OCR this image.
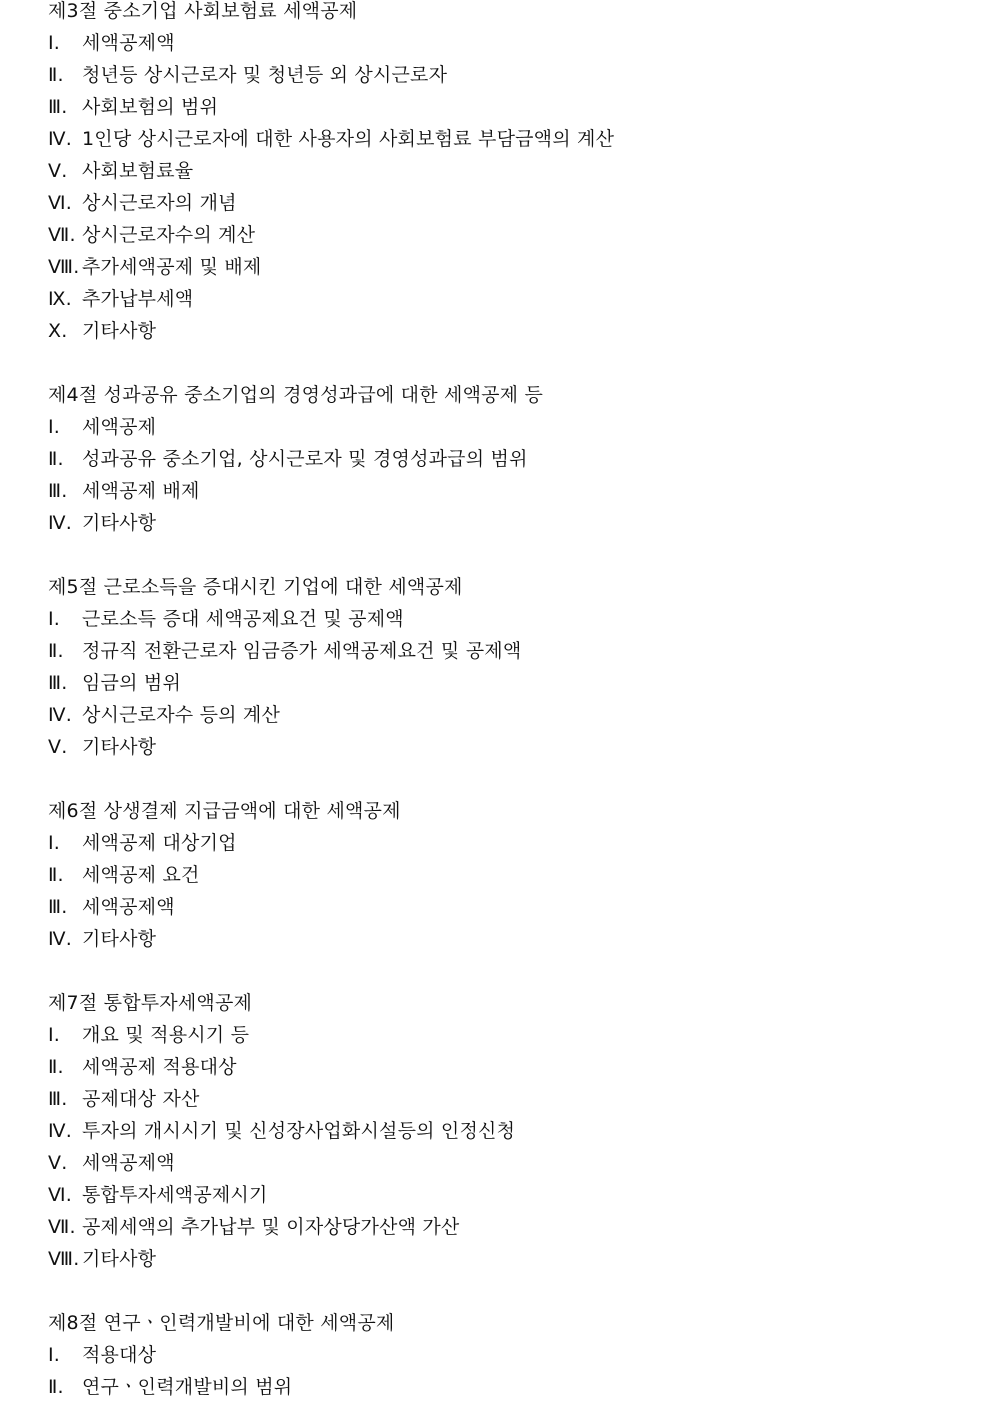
제3절 중소기업 사회보험료 세액공제
Ⅰ. 세액공제액
Ⅱ. 청년등 상시근로자 및 청년등 외 상시근로자
Ⅲ. 사회보험의 범위
Ⅳ. 1인당 상시근로자에 대한 사용자의 사회보험료 부담금액의 계산
Ⅴ. 사회보험료율
Ⅵ. 상시근로자의 개념
Ⅶ. 상시근로자수의 계산
Ⅷ. 추가세액공제 및 배제
Ⅸ. 추가납부세액
Ⅹ. 기타사항
제4절 성과공유 중소기업의 경영성과급에 대한 세액공제 등
Ⅰ. 세액공제
Ⅱ. 성과공유 중소기업, 상시근로자 및 경영성과급의 범위
Ⅲ. 세액공제 배제
Ⅳ. 기타사항
제5절 근로소득을 증대시킨 기업에 대한 세액공제
Ⅰ. 근로소득 증대 세액공제요건 및 공제액
Ⅱ. 정규직 전환근로자 임금증가 세액공제요건 및 공제액
Ⅲ. 임금의 범위
Ⅳ. 상시근로자수 등의 계산
Ⅴ. 기타사항
제6절 상생결제 지급금액에 대한 세액공제
Ⅰ. 세액공제 대상기업
Ⅱ. 세액공제 요건
Ⅲ. 세액공제액
Ⅳ. 기타사항
제7절 통합투자세액공제
Ⅰ. 개요 및 적용시기 등
Ⅱ. 세액공제 적용대상
Ⅲ. 공제대상 자산
Ⅳ. 투자의 개시시기 및 신성장사업화시설등의 인정신청
Ⅴ. 세액공제액
Ⅵ. 통합투자세액공제시기
Ⅶ. 공제세액의 추가납부 및 이자상당가산액 가산
Ⅷ. 기타사항
제8절 연구ㆍ인력개발비에 대한 세액공제
Ⅰ. 적용대상
Ⅱ. 연구ㆍ인력개발비의 범위
